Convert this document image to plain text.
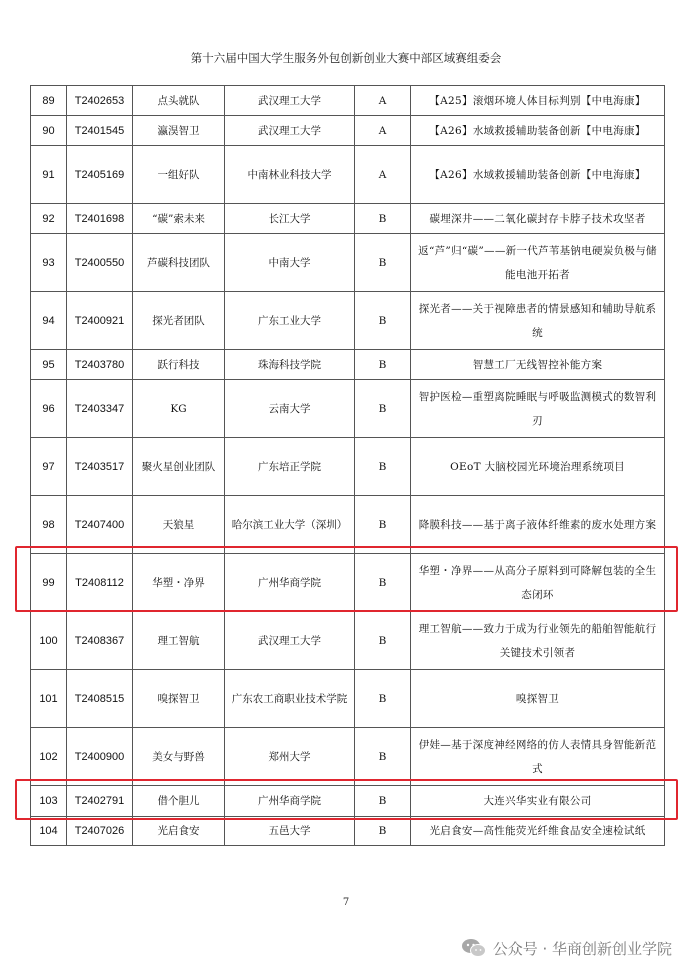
第十六届中国大学生服务外包创新创业大赛中部区域赛组委会
89	T2402653	点头就队	武汉理工大学	A	【A25】滚烟环境人体目标判别【中电海康】
90	T2401545	瀛淏智卫	武汉理工大学	A	【A26】水域救援辅助装备创新【中电海康】
91	T2405169	一组好队	中南林业科技大学	A	【A26】水域救援辅助装备创新【中电海康】
92	T2401698	“碳”索未来	长江大学	B	碳埋深井——二氧化碳封存卡脖子技术攻坚者
93	T2400550	芦碳科技团队	中南大学	B	返“芦”归“碳”——新一代芦苇基钠电硬炭负极与储能电池开拓者
94	T2400921	探光者团队	广东工业大学	B	探光者——关于视障患者的情景感知和辅助导航系统
95	T2403780	跃行科技	珠海科技学院	B	智慧工厂无线智控补能方案
96	T2403347	KG	云南大学	B	智护医检—重塑离院睡眠与呼吸监测模式的数智利刃
97	T2403517	聚火星创业团队	广东培正学院	B	OEoT 大脑校园光环境治理系统项目
98	T2407400	天狼星	哈尔滨工业大学（深圳）	B	降膜科技——基于离子液体纤维素的废水处理方案
99	T2408112	华塑・净界	广州华商学院	B	华塑・净界——从高分子原料到可降解包装的全生态闭环
100	T2408367	理工智航	武汉理工大学	B	理工智航——致力于成为行业领先的船舶智能航行关键技术引领者
101	T2408515	嗅探智卫	广东农工商职业技术学院	B	嗅探智卫
102	T2400900	美女与野兽	郑州大学	B	伊娃—基于深度神经网络的仿人表情具身智能新范式
103	T2402791	借个胆儿	广州华商学院	B	大连兴华实业有限公司
104	T2407026	光启食安	五邑大学	B	光启食安—高性能荧光纤维食品安全速检试纸
7
公众号 · 华商创新创业学院
